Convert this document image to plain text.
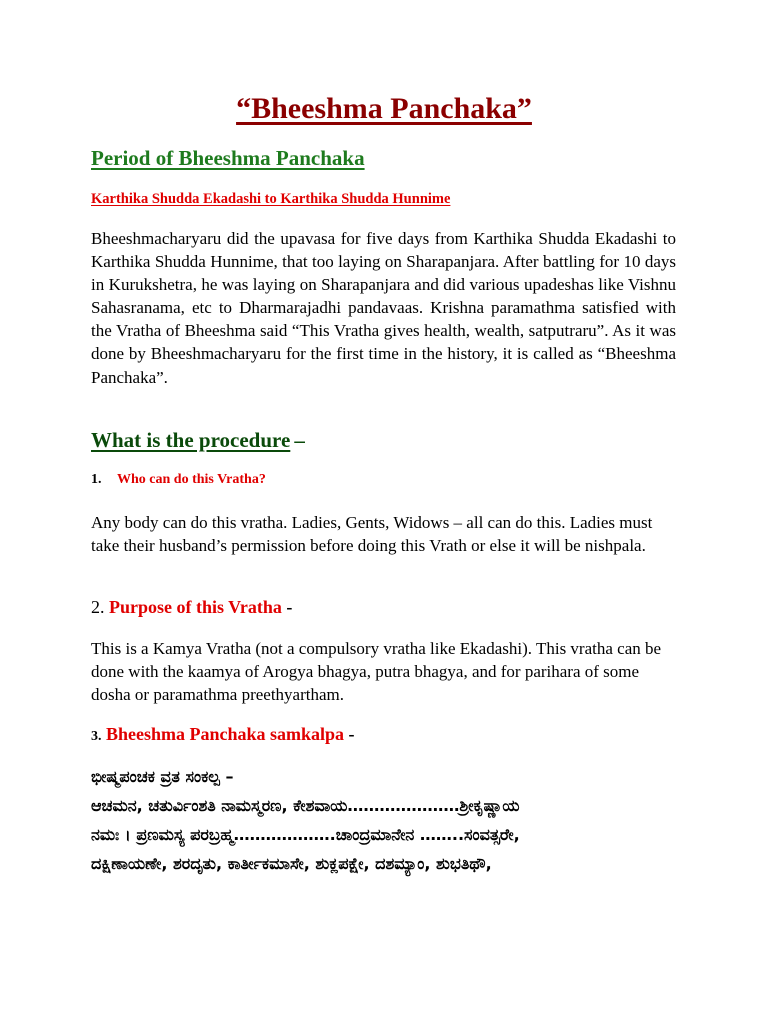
“Bheeshma Panchaka”
Period of Bheeshma Panchaka
Karthika Shudda Ekadashi to Karthika Shudda Hunnime

Bheeshmacharyaru did the upavasa for five days from Karthika Shudda Ekadashi to Karthika Shudda Hunnime, that too laying on Sharapanjara. After battling for 10 days in Kurukshetra, he was laying on Sharapanjara and did various upadeshas like Vishnu Sahasranama, etc to Dharmarajadhi pandavaas. Krishna paramathma satisfied with the Vratha of Bheeshma said “This Vratha gives health, wealth, satputraru”. As it was done by Bheeshmacharyaru for the first time in the history, it is called as “Bheeshma Panchaka”.

What is the procedure –
1. Who can do this Vratha?

Any body can do this vratha. Ladies, Gents, Widows – all can do this. Ladies must take their husband’s permission before doing this Vrath or else it will be nishpala.

2. Purpose of this Vratha -

This is a Kamya Vratha (not a compulsory vratha like Ekadashi). This vratha can be done with the kaamya of Arogya bhagya, putra bhagya, and for parihara of some dosha or paramathma preethyartham.

3. Bheeshma Panchaka samkalpa -

ಭೀಷ್ಮಪಂಚಕ ವ್ರತ ಸಂಕಲ್ಪ –

ಆಚಮನ, ಚತುರ್ವಿಂಶತಿ ನಾಮಸ್ಮರಣ, ಕೇಶವಾಯ…………………ಶ್ರೀಕೃಷ್ಣಾಯ

ನಮಃ । ಪ್ರಣಮಸ್ಯ ಪರಬ್ರಹ್ಮ……………….ಚಾಂದ್ರಮಾನೇನ ……..ಸಂವತ್ಸರೇ,

ದಕ್ಷಿಣಾಯಣೇ, ಶರದೃತು, ಕಾರ್ತೀಕಮಾಸೇ, ಶುಕ್ಲಪಕ್ಷೇ, ದಶಮ್ಯಾಂ, ಶುಭತಿಥೌ,
